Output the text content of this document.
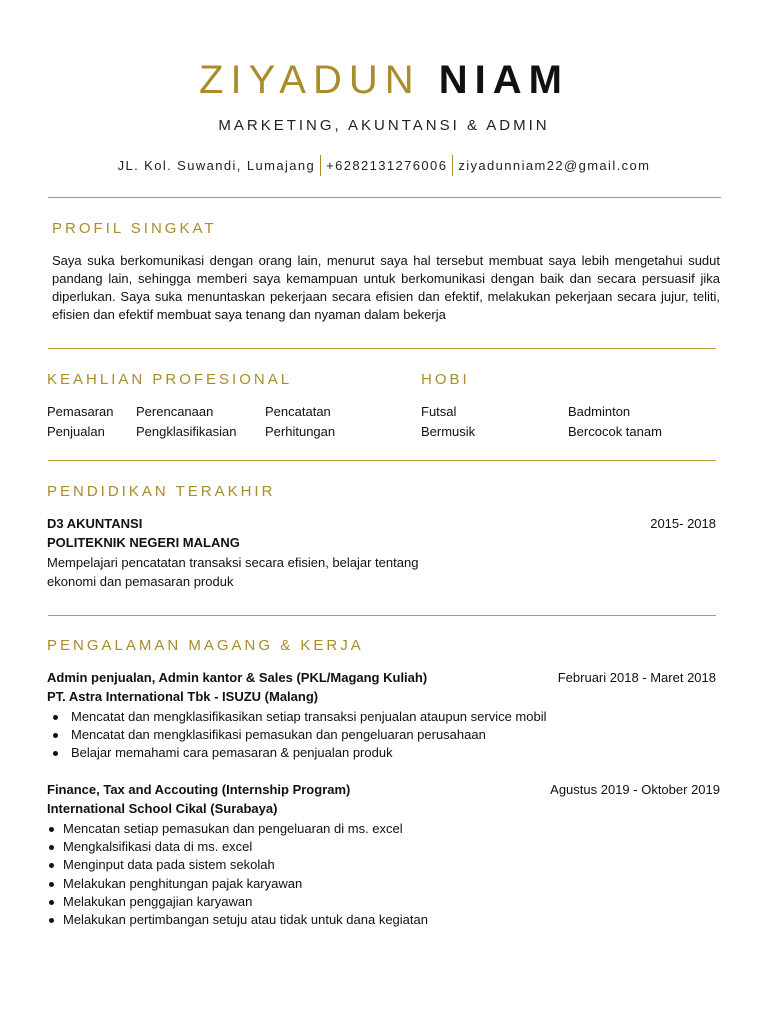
ZIYADUN NIAM
MARKETING, AKUNTANSI & ADMIN
JL. Kol. Suwandi, Lumajang +6282131276006 ziyadunniam22@gmail.com
PROFIL SINGKAT
Saya suka berkomunikasi dengan orang lain, menurut saya hal tersebut membuat saya lebih mengetahui sudut pandang lain, sehingga memberi saya kemampuan untuk berkomunikasi dengan baik dan secara persuasif jika diperlukan. Saya suka menuntaskan pekerjaan secara efisien dan efektif, melakukan pekerjaan secara jujur, teliti, efisien dan efektif membuat saya tenang dan nyaman dalam bekerja
KEAHLIAN PROFESIONAL
Pemasaran Perencanaan	Pencatatan
Penjualan Pengklasifikasian Perhitungan
HOBI
Futsal	Badminton
Bermusik	Bercocok tanam
PENDIDIKAN TERAKHIR
D3 AKUNTANSI	2015- 2018
POLITEKNIK NEGERI MALANG
Mempelajari pencatatan transaksi secara efisien, belajar tentang
ekonomi dan pemasaran produk
PENGALAMAN MAGANG & KERJA
Admin penjualan, Admin kantor & Sales (PKL/Magang Kuliah)	Februari 2018 - Maret 2018
PT. Astra International Tbk - ISUZU (Malang)
Mencatat dan mengklasifikasikan setiap transaksi penjualan ataupun service mobil
Mencatat dan mengklasifikasi pemasukan dan pengeluaran perusahaan
Belajar memahami cara pemasaran & penjualan produk
Finance, Tax and Accouting (Internship Program)	Agustus 2019 - Oktober 2019
International School Cikal (Surabaya)
Mencatan setiap pemasukan dan pengeluaran di ms. excel
Mengkalsifikasi data di ms. excel
Menginput data pada sistem sekolah
Melakukan penghitungan pajak karyawan
Melakukan penggajian karyawan
Melakukan pertimbangan setuju atau tidak untuk dana kegiatan
